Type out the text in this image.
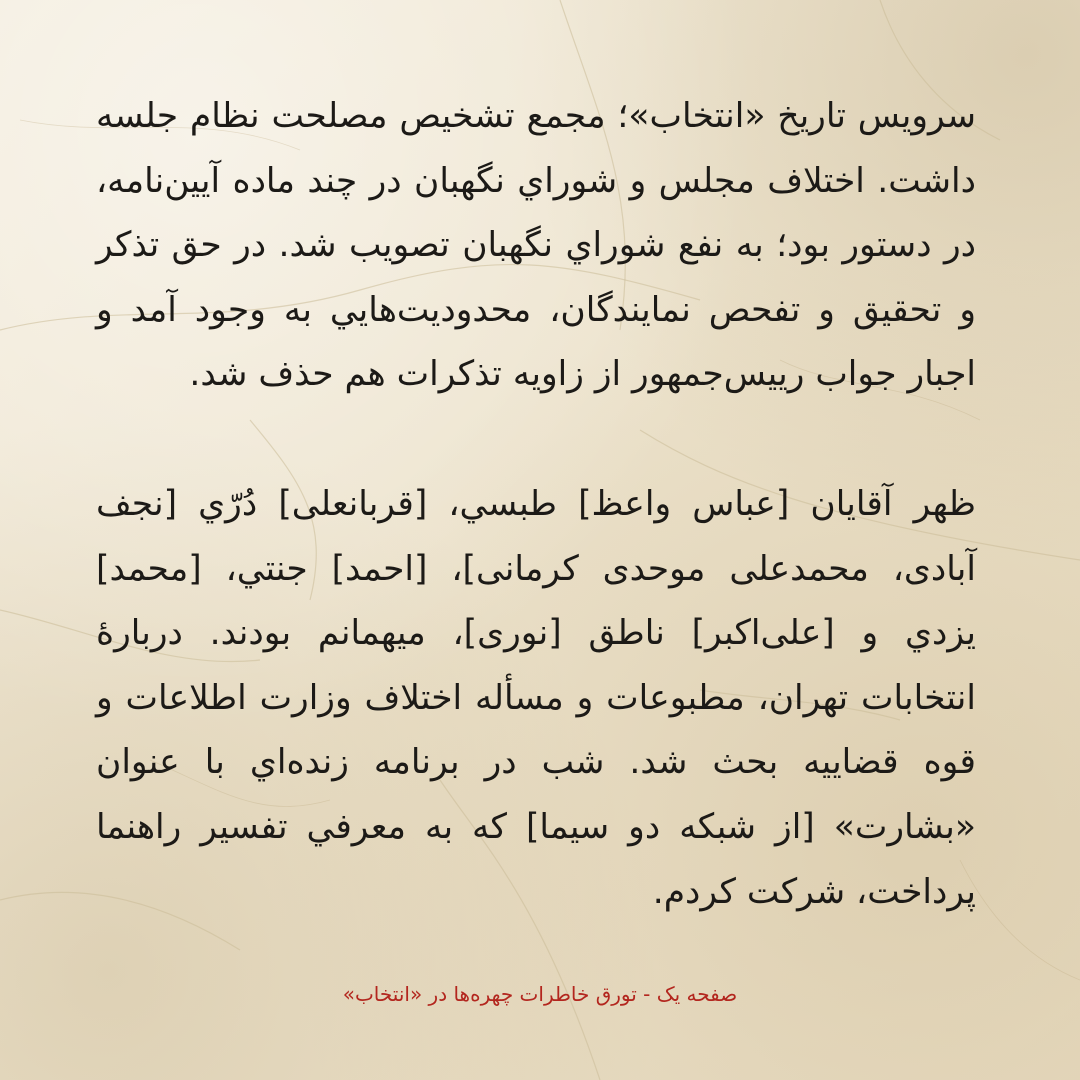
سرويس تاريخ «انتخاب»؛ مجمع تشخیص مصلحت نظام جلسه داشت. اختلاف مجلس و شوراي نگهبان در چند ماده آیین‌نامه، در دستور بود؛ به نفع شوراي نگهبان تصويب شد. در حق تذکر و تحقیق و تفحص نمايندگان، محدودیت‌هایي به وجود آمد و اجبار جواب رییس‌جمهور از زاويه تذکرات هم حذف شد.

ظهر آقايان [عباس واعظ] طبسي، [قربانعلی] دُرّي [نجف آبادی، محمدعلی موحدی کرمانی]، [احمد] جنتي، [محمد] يزدي و [علی‌اکبر] ناطق [نوری]، ميهمانم بودند. دربارۀ انتخابات تهران، مطبوعات و مسأله اختلاف وزارت اطلاعات و قوه قضاييه بحث شد. شب در برنامه زنده‌اي با عنوان «بشارت» [از شبکه دو سیما] که به معرفي تفسير راهنما پرداخت، شرکت کردم.

صفحه یک - تورق خاطرات چهره‌ها در «انتخاب»
